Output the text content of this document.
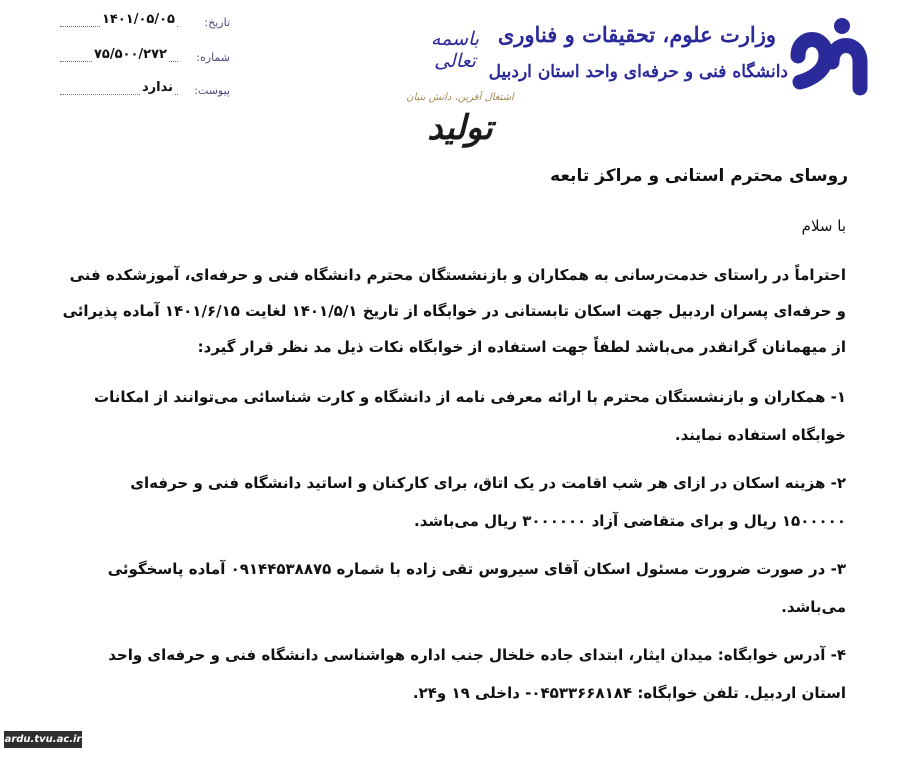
وزارت علوم، تحقیقات و فناوری
دانشگاه فنی و حرفه‌ای واحد استان اردبیل
باسمه تعالی
اشتغال آفرین، دانش بنیان
تولید
تاریخ:
۱۴۰۱/۰۵/۰۵
شماره:
۷۵/۵۰۰/۲۷۲
پیوست:
ندارد
روسای محترم استانی و مراکز تابعه
با سلام
احتراماً در راستای خدمت‌رسانی به همکاران و بازنشستگان محترم دانشگاه فنی و حرفه‌ای، آموزشکده فنی
و حرفه‌ای پسران اردبیل جهت اسکان تابستانی در خوابگاه از تاریخ ۱۴۰۱/۵/۱ لغایت ۱۴۰۱/۶/۱۵ آماده پذیرائی
از میهمانان گرانقدر می‌باشد لطفاً جهت استفاده از خوابگاه نکات ذیل مد نظر قرار گیرد:
۱- همکاران و بازنشستگان محترم با ارائه معرفی نامه از دانشگاه و کارت شناسائی می‌توانند از امکانات
خوابگاه استفاده نمایند.
۲- هزینه اسکان در ازای هر شب اقامت در یک اتاق، برای کارکنان و اساتید دانشگاه فنی و حرفه‌ای
۱۵۰۰۰۰۰ ریال و برای متقاضی آزاد ۳۰۰۰۰۰۰ ریال می‌باشد.
۳- در صورت ضرورت مسئول اسکان آقای سیروس تقی زاده با شماره ۰۹۱۴۴۵۳۸۸۷۵ آماده پاسخگوئی
می‌باشد.
۴- آدرس خوابگاه: میدان ایثار، ابتدای جاده خلخال جنب اداره هواشناسی دانشگاه فنی و حرفه‌ای واحد
استان اردبیل. تلفن خوابگاه: ۰۴۵۳۳۶۶۸۱۸۴- داخلی ۱۹ و۲۴.
ardu.tvu.ac.ir
